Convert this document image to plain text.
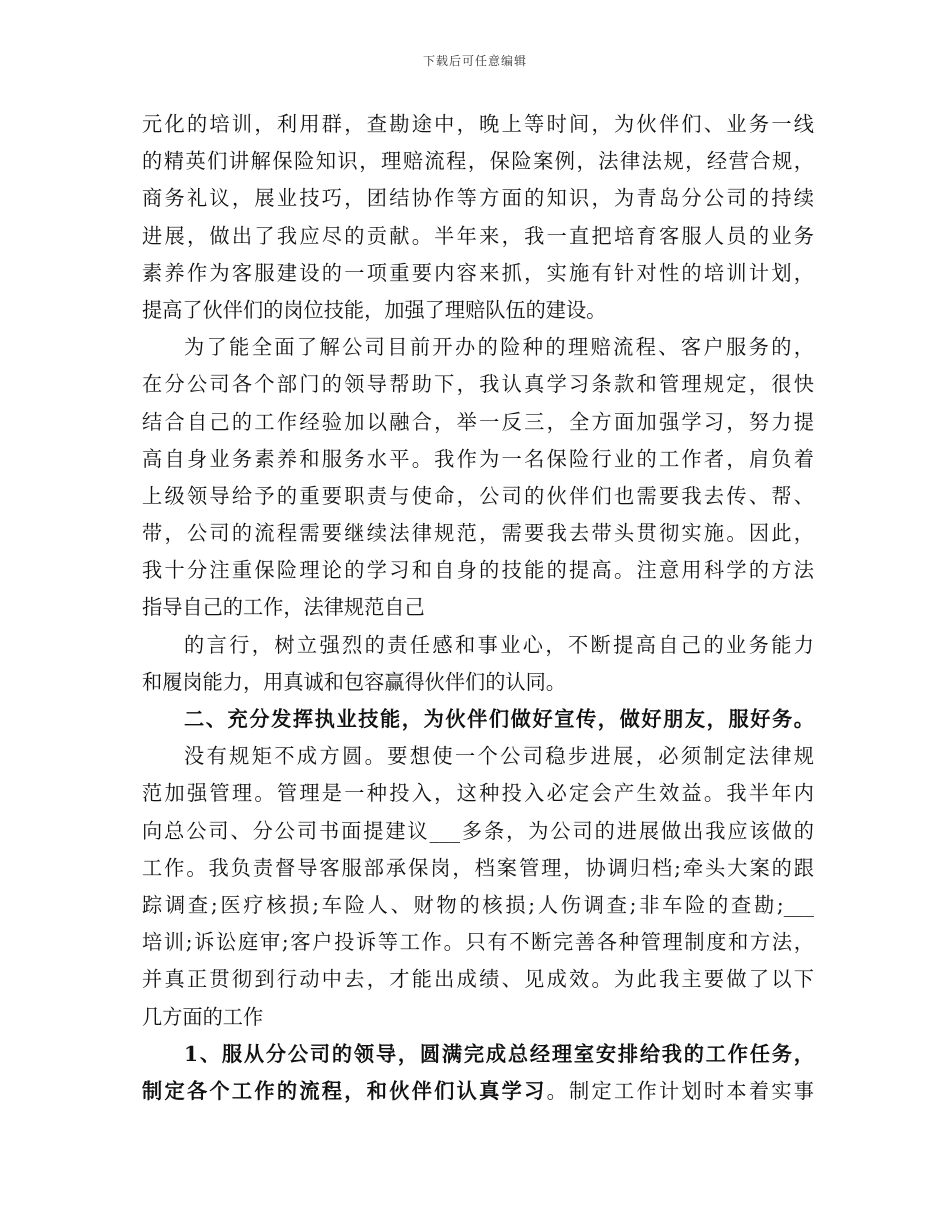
下载后可任意编辑
元化的培训，利用群，查勘途中，晚上等时间，为伙伴们、业务一线
的精英们讲解保险知识，理赔流程，保险案例，法律法规，经营合规，
商务礼议，展业技巧，团结协作等方面的知识，为青岛分公司的持续
进展，做出了我应尽的贡献。半年来，我一直把培育客服人员的业务
素养作为客服建设的一项重要内容来抓，实施有针对性的培训计划，
提高了伙伴们的岗位技能，加强了理赔队伍的建设。
为了能全面了解公司目前开办的险种的理赔流程、客户服务的，
在分公司各个部门的领导帮助下，我认真学习条款和管理规定，很快
结合自己的工作经验加以融合，举一反三，全方面加强学习，努力提
高自身业务素养和服务水平。我作为一名保险行业的工作者，肩负着
上级领导给予的重要职责与使命，公司的伙伴们也需要我去传、帮、
带，公司的流程需要继续法律规范，需要我去带头贯彻实施。因此，
我十分注重保险理论的学习和自身的技能的提高。注意用科学的方法
指导自己的工作，法律规范自己
的言行，树立强烈的责任感和事业心，不断提高自己的业务能力
和履岗能力，用真诚和包容赢得伙伴们的认同。
二、充分发挥执业技能，为伙伴们做好宣传，做好朋友，服好务。
没有规矩不成方圆。要想使一个公司稳步进展，必须制定法律规
范加强管理。管理是一种投入，这种投入必定会产生效益。我半年内
向总公司、分公司书面提建议___多条，为公司的进展做出我应该做的
工作。我负责督导客服部承保岗，档案管理，协调归档;牵头大案的跟
踪调查;医疗核损;车险人、财物的核损;人伤调查;非车险的查勘;___
培训;诉讼庭审;客户投诉等工作。只有不断完善各种管理制度和方法，
并真正贯彻到行动中去，才能出成绩、见成效。为此我主要做了以下
几方面的工作
1、服从分公司的领导，圆满完成总经理室安排给我的工作任务，
制定各个工作的流程，和伙伴们认真学习。制定工作计划时本着实事
